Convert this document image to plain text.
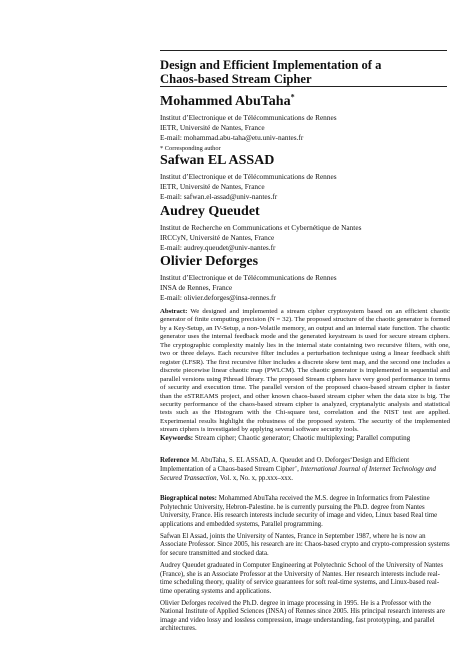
Design and Efficient Implementation of a
Chaos-based Stream Cipher
Mohammed AbuTaha*
Institut d’Electronique et de Télécommunications de Rennes
IETR, Université de Nantes, France
E-mail: mohammad.abu-taha@etu.univ-nantes.fr
* Corresponding author
Safwan EL ASSAD
Institut d’Electronique et de Télécommunications de Rennes
IETR, Université de Nantes, France
E-mail: safwan.el-assad@univ-nantes.fr
Audrey Queudet
Institut de Recherche en Communications et Cybernétique de Nantes
IRCCyN, Université de Nantes, France
E-mail: audrey.queudet@univ-nantes.fr
Olivier Deforges
Institut d’Electronique et de Télécommunications de Rennes
INSA de Rennes, France
E-mail: olivier.deforges@insa-rennes.fr
Abstract: We designed and implemented a stream cipher cryptosystem based on an efficient chaotic generator of finite computing precision (N = 32). The proposed structure of the chaotic generator is formed by a Key-Setup, an IV-Setup, a non-Volatile memory, an output and an internal state function. The chaotic generator uses the internal feedback mode and the generated keystream is used for secure stream ciphers. The cryptographic complexity mainly lies in the internal state containing two recursive filters, with one, two or three delays. Each recursive filter includes a perturbation technique using a linear feedback shift register (LFSR). The first recursive filter includes a discrete skew tent map, and the second one includes a discrete piecewise linear chaotic map (PWLCM). The chaotic generator is implemented in sequential and parallel versions using Pthread library. The proposed Stream ciphers have very good performance in terms of security and execution time. The parallel version of the proposed chaos-based stream cipher is faster than the eSTREAMS project, and other known chaos-based stream cipher when the data size is big. The security performance of the chaos-based stream cipher is analyzed, cryptanalytic analysis and statistical tests such as the Histogram with the Chi-square test, correlation and the NIST test are applied. Experimental results highlight the robustness of the proposed system. The security of the implemented stream ciphers is investigated by applying several software security tools.
Keywords: Stream cipher; Chaotic generator; Chaotic multiplexing; Parallel computing
Reference M. AbuTaha, S. EL ASSAD, A. Queudet and O. Deforges‘Design and Efficient Implementation of a Chaos-based Stream Cipher’, International Journal of Internet Technology and Secured Transaction, Vol. x, No. x, pp.xxx–xxx.

Biographical notes: Mohammed AbuTaha received the M.S. degree in Informatics from Palestine Polytechnic University, Hebron-Palestine. he is currently pursuing the Ph.D. degree from Nantes University, France. His research interests include security of image and video, Linux based Real time applications and embedded systems, Parallel programming.

Safwan El Assad, joints the University of Nantes, France in September 1987, where he is now an Associate Professor. Since 2005, his research are in: Chaos-based crypto and crypto-compression systems for secure transmitted and stocked data.

Audrey Queudet graduated in Computer Engineering at Polytechnic School of the University of Nantes (France), she is an Associate Professor at the University of Nantes. Her research interests include real-time scheduling theory, quality of service guarantees for soft real-time systems, and Linux-based real-time operating systems and applications.

Olivier Deforges received the Ph.D. degree in image processing in 1995. He is a Professor with the National Institute of Applied Sciences (INSA) of Rennes since 2005. His principal research interests are image and video lossy and lossless compression, image understanding, fast prototyping, and parallel architectures.
